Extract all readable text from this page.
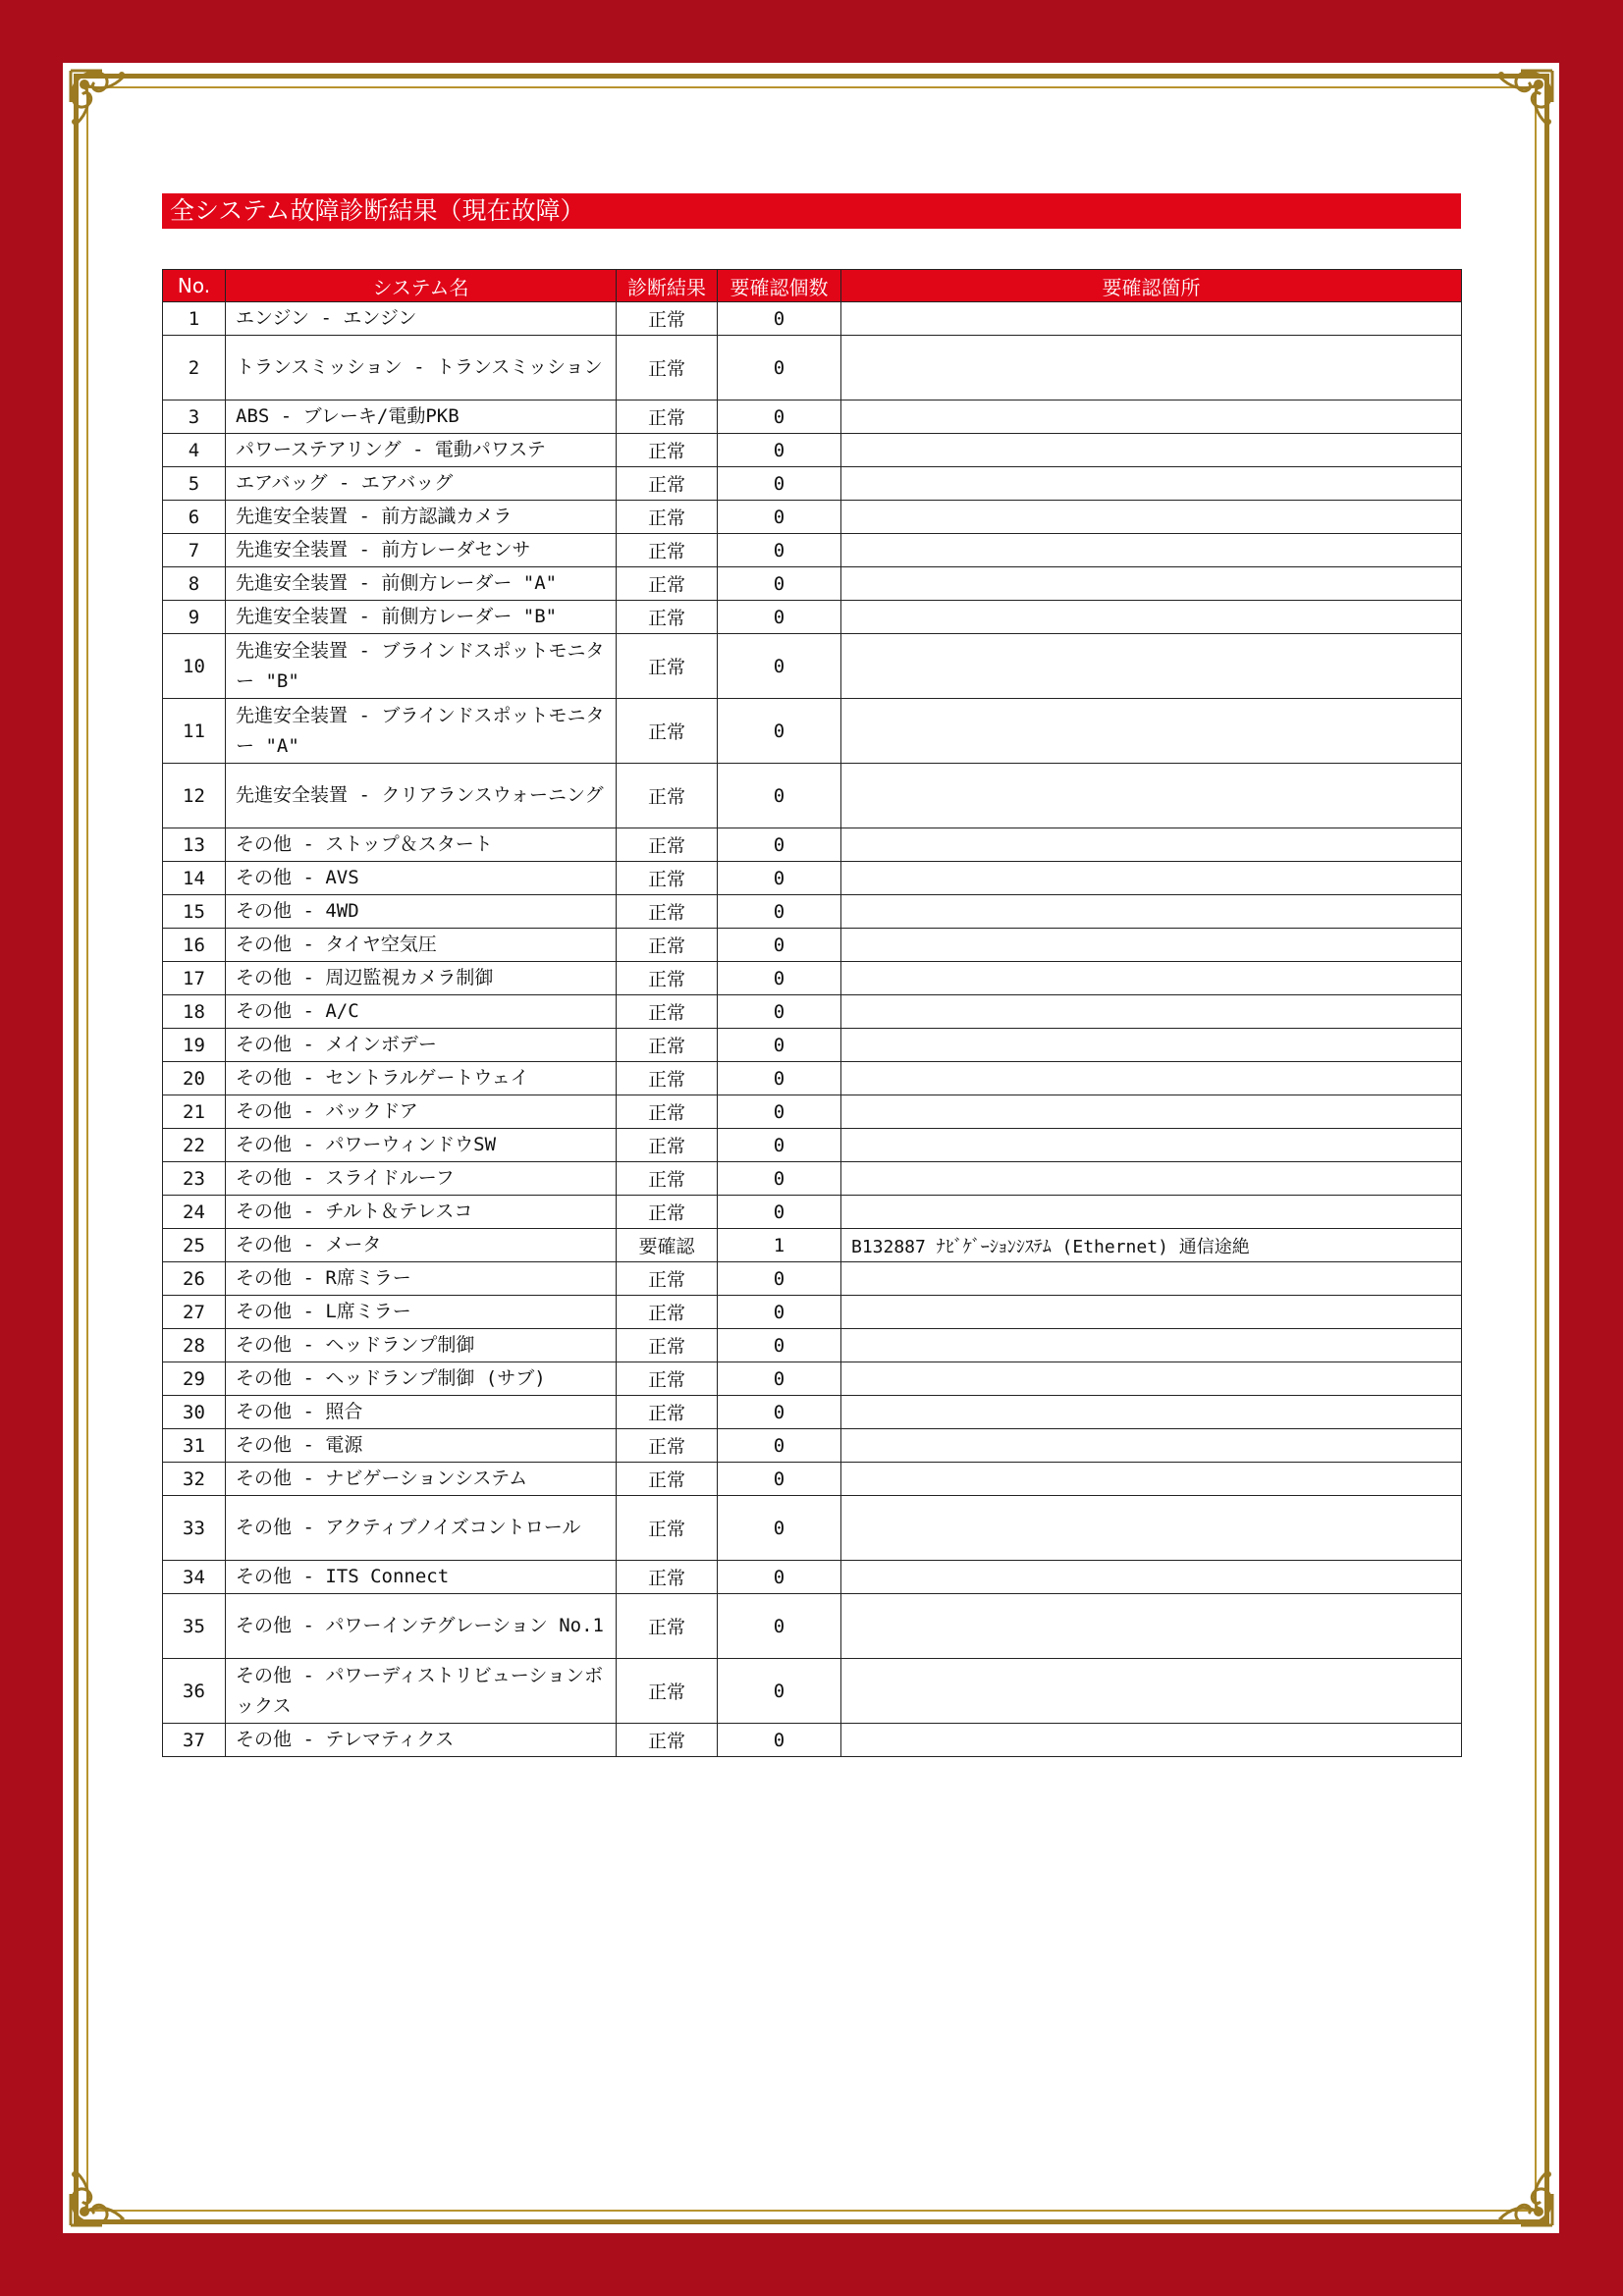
全システム故障診断結果（現在故障）
No.	システム名	診断結果	要確認個数	要確認箇所
1	エンジン - エンジン	正常	0	
2	トランスミッション - トランスミッション	正常	0	
3	ABS - ブレーキ/電動PKB	正常	0	
4	パワーステアリング - 電動パワステ	正常	0	
5	エアバッグ - エアバッグ	正常	0	
6	先進安全装置 - 前方認識カメラ	正常	0	
7	先進安全装置 - 前方レーダセンサ	正常	0	
8	先進安全装置 - 前側方レーダー "A"	正常	0	
9	先進安全装置 - 前側方レーダー "B"	正常	0	
10	先進安全装置 - ブラインドスポットモニター "B"	正常	0	
11	先進安全装置 - ブラインドスポットモニター "A"	正常	0	
12	先進安全装置 - クリアランスウォーニング	正常	0	
13	その他 - ストップ＆スタート	正常	0	
14	その他 - AVS	正常	0	
15	その他 - 4WD	正常	0	
16	その他 - タイヤ空気圧	正常	0	
17	その他 - 周辺監視カメラ制御	正常	0	
18	その他 - A/C	正常	0	
19	その他 - メインボデー	正常	0	
20	その他 - セントラルゲートウェイ	正常	0	
21	その他 - バックドア	正常	0	
22	その他 - パワーウィンドウSW	正常	0	
23	その他 - スライドルーフ	正常	0	
24	その他 - チルト＆テレスコ	正常	0	
25	その他 - メータ	要確認	1	B132887 ﾅﾋﾞｹﾞｰｼｮﾝｼｽﾃﾑ (Ethernet) 通信途絶
26	その他 - R席ミラー	正常	0	
27	その他 - L席ミラー	正常	0	
28	その他 - ヘッドランプ制御	正常	0	
29	その他 - ヘッドランプ制御 (サブ)	正常	0	
30	その他 - 照合	正常	0	
31	その他 - 電源	正常	0	
32	その他 - ナビゲーションシステム	正常	0	
33	その他 - アクティブノイズコントロール	正常	0	
34	その他 - ITS Connect	正常	0	
35	その他 - パワーインテグレーション No.1	正常	0	
36	その他 - パワーディストリビューションボックス	正常	0	
37	その他 - テレマティクス	正常	0	
